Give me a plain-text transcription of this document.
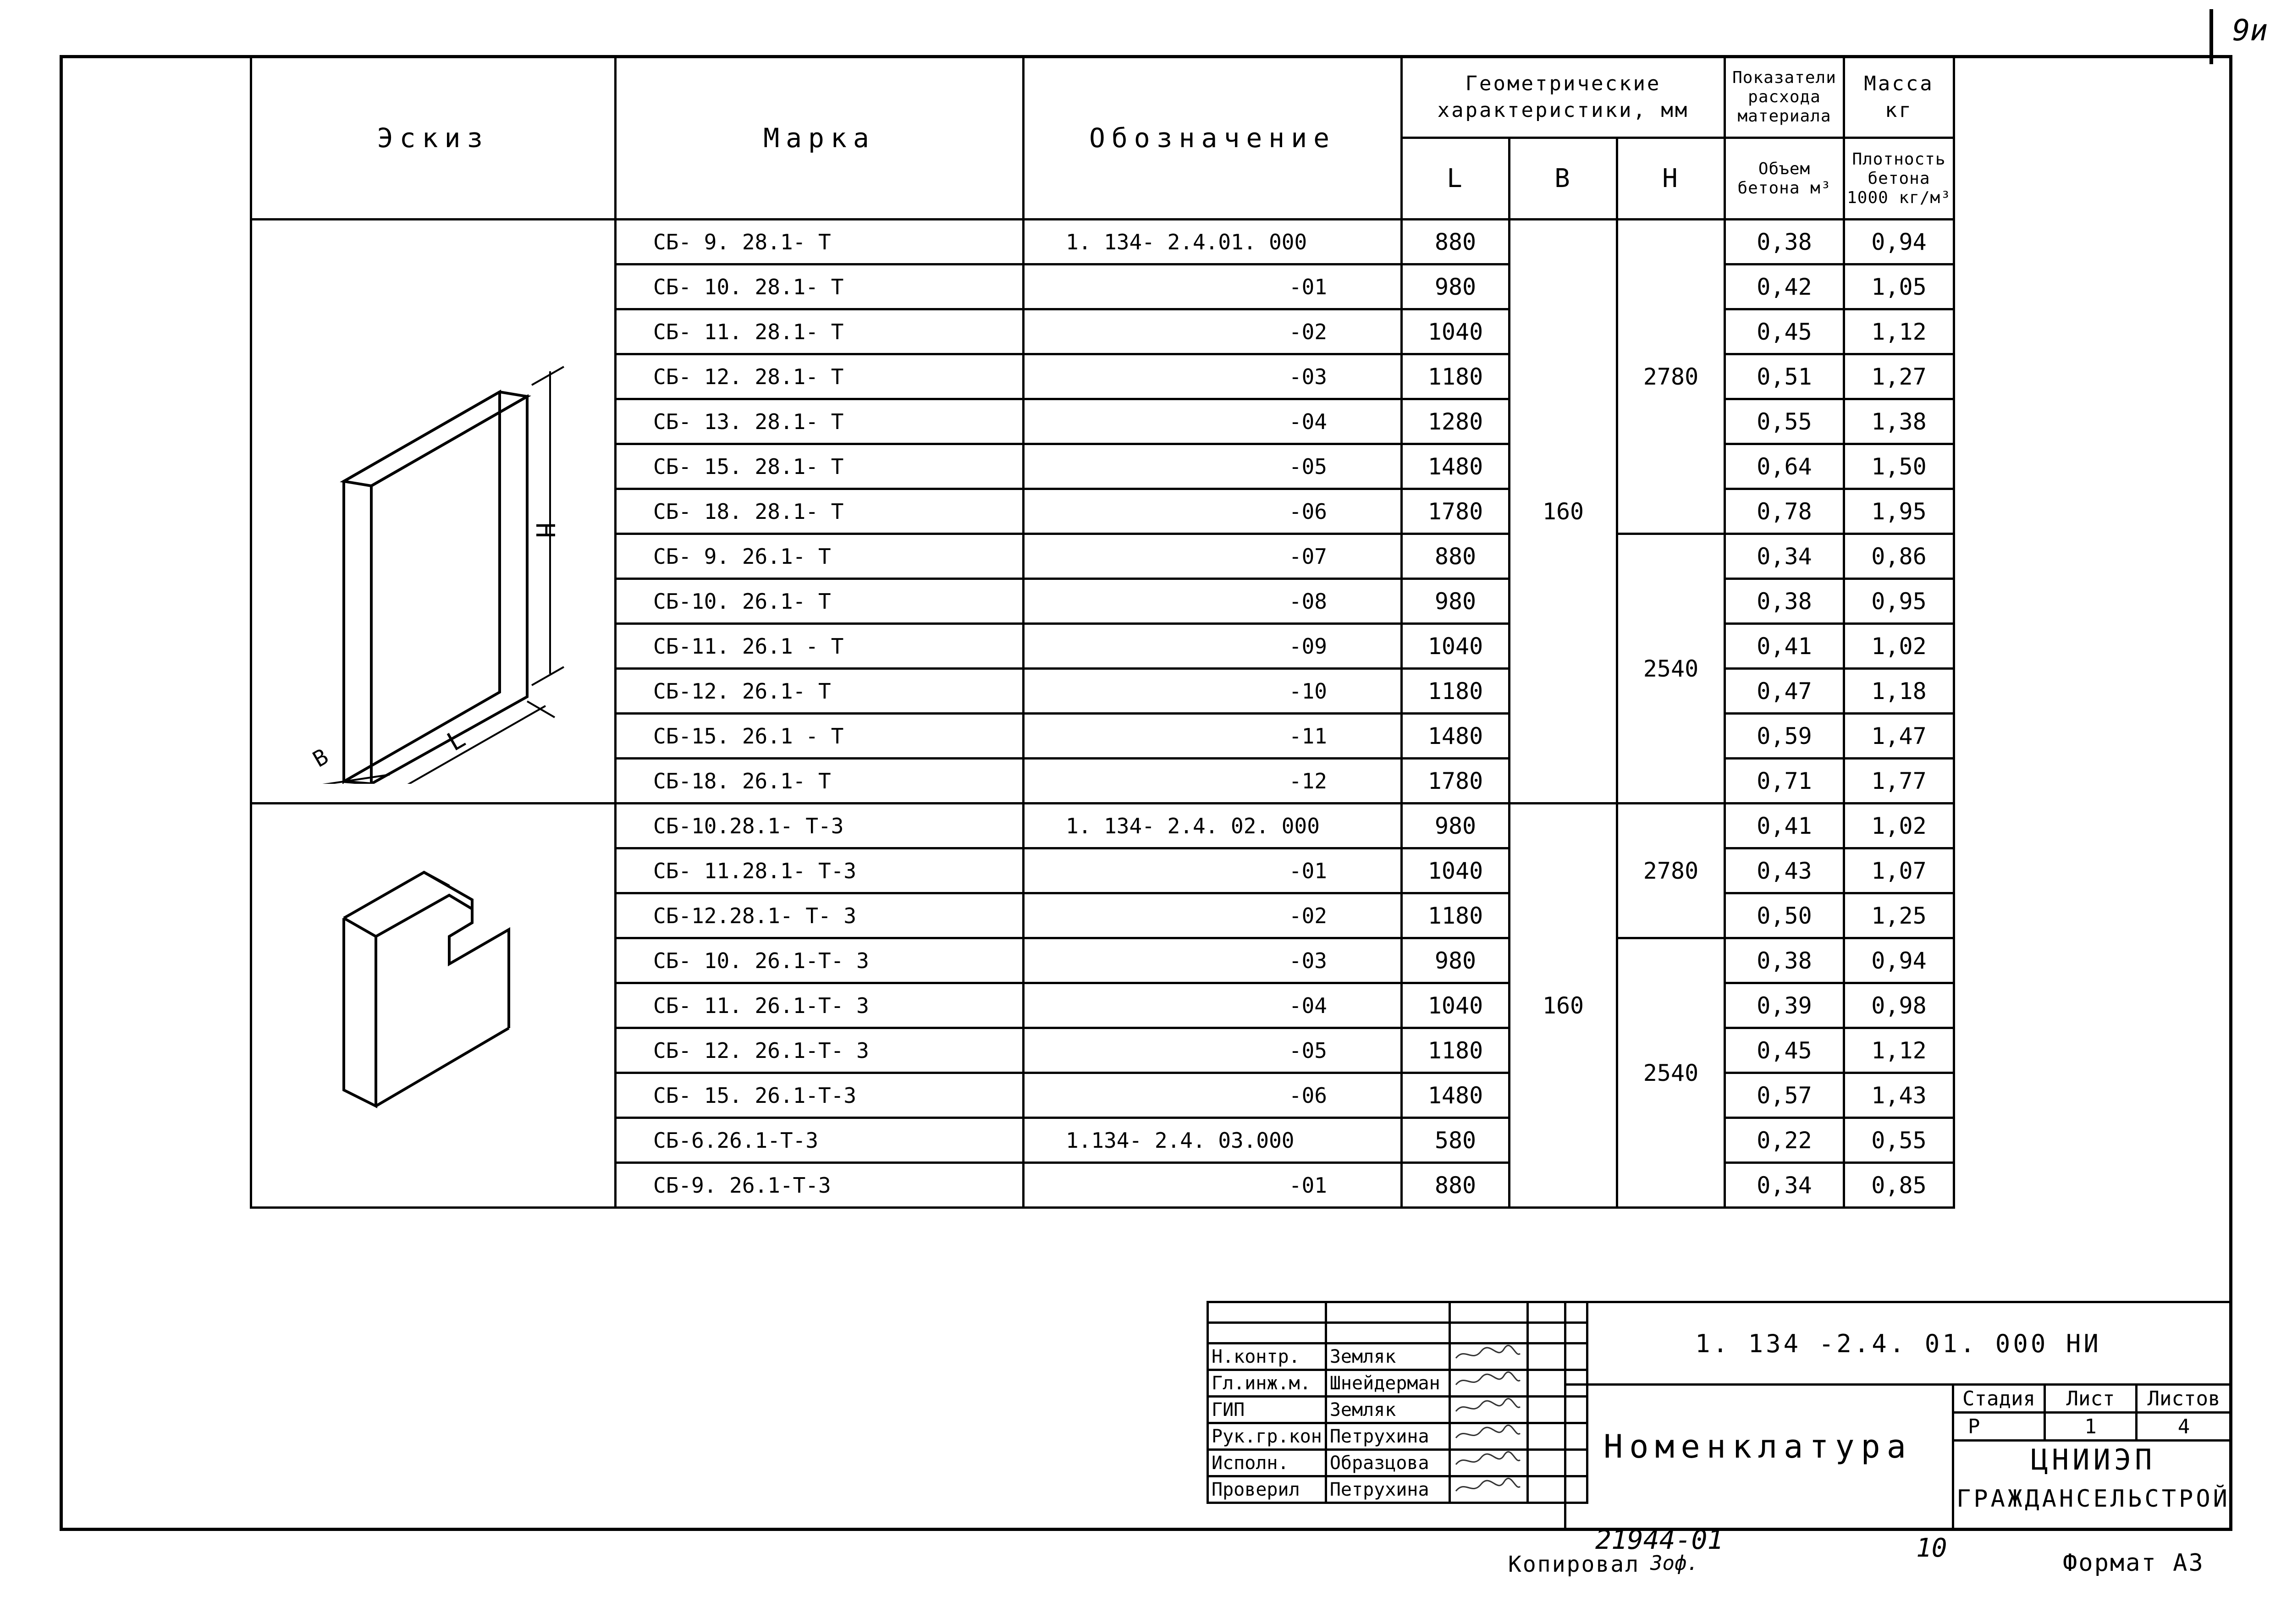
9и
Эскиз	Марка	Обозначение	Геометрические характеристики, мм			Показатели расхода материала	Масса кг
			L	B	H	Объем бетона м³	Плотность бетона 1000 кг/м³

H
L
B	СБ- 9. 28.1- Т	1. 134- 2.4.01. 000	880	160	2780	0,38	0,94
	СБ- 10. 28.1- Т	-01	980			0,42	1,05
	СБ- 11. 28.1- Т	-02	1040			0,45	1,12
	СБ- 12. 28.1- Т	-03	1180			0,51	1,27
	СБ- 13. 28.1- Т	-04	1280			0,55	1,38
	СБ- 15. 28.1- Т	-05	1480			0,64	1,50
	СБ- 18. 28.1- Т	-06	1780			0,78	1,95
	СБ- 9. 26.1- Т	-07	880		2540	0,34	0,86
	СБ-10. 26.1- Т	-08	980			0,38	0,95
	СБ-11. 26.1 - Т	-09	1040			0,41	1,02
	СБ-12. 26.1- Т	-10	1180			0,47	1,18
	СБ-15. 26.1 - Т	-11	1480			0,59	1,47
	СБ-18. 26.1- Т	-12	1780			0,71	1,77
	СБ-10.28.1- Т-3	1. 134- 2.4. 02. 000	980	160	2780	0,41	1,02
	СБ- 11.28.1- Т-3	-01	1040			0,43	1,07
	СБ-12.28.1- Т- 3	-02	1180			0,50	1,25
	СБ- 10. 26.1-Т- 3	-03	980		2540	0,38	0,94
	СБ- 11. 26.1-Т- 3	-04	1040			0,39	0,98
	СБ- 12. 26.1-Т- 3	-05	1180			0,45	1,12
	СБ- 15. 26.1-Т-3	-06	1480			0,57	1,43
	СБ-6.26.1-Т-3	1.134- 2.4. 03.000	580			0,22	0,55
	СБ-9. 26.1-Т-3	-01	880			0,34	0,85

Н.контр.	Земляк		
Гл.инж.м.	Шнейдерман		
ГИП	Земляк		
Рук.гр.кон	Петрухина		
Исполн.	Образцова		
Проверил	Петрухина		
1. 134 -2.4. 01. 000 НИ
Номенклатура
Стадия	Лист	Листов
Р	1	4
ЦНИИЭП
ГРАЖДАНСЕЛЬСТРОЙ
21944-01
Копировал Зоф.
10	Формат А3
